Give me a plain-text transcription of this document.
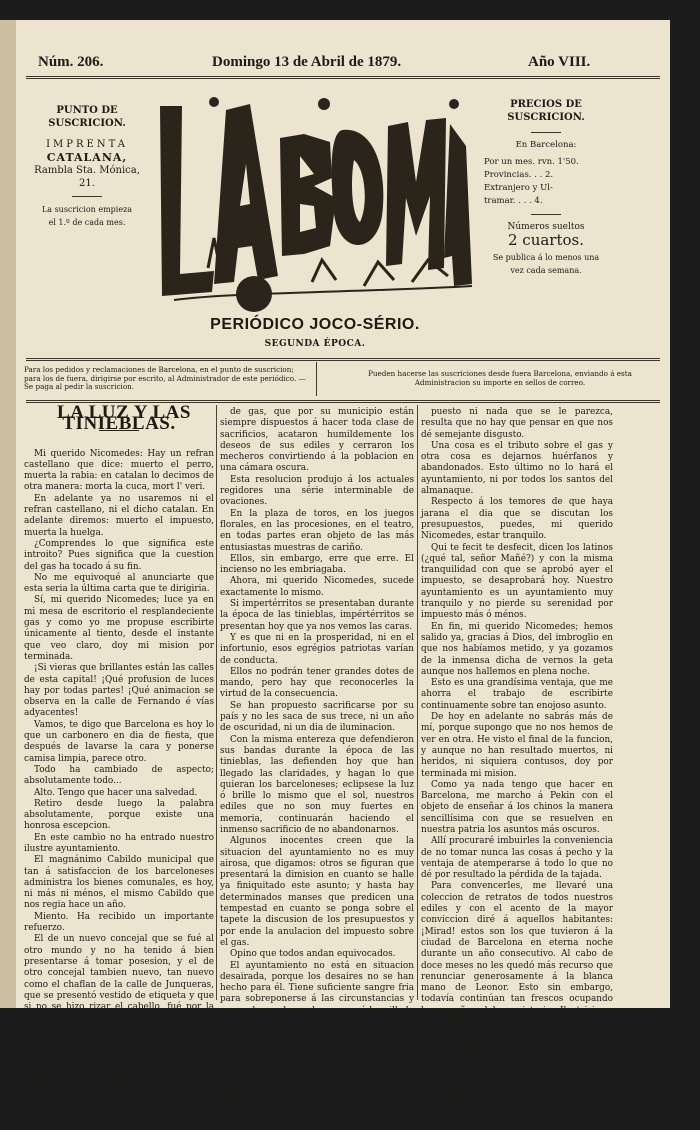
Núm. 206.	Domingo 13 de Abril de 1879.	Año VIII.
PUNTO DE SUSCRICION.
IMPRENTA
CATALANA,
Rambla Sta. Mónica, 21.
La suscricion empieza
el 1.º de cada mes.
PERIÓDICO JOCO-SÉRIO.
SEGUNDA ÉPOCA.
PRECIOS DE SUSCRICION.
En Barcelona:
Por un mes. rvn. 1'50.
Provincias. . . 2.
Extranjero y Ul-
tramar. . . . 4.
Números sueltos
2 cuartos.
Se publica á lo menos una
vez cada semana.
Para los pedidos y reclamaciones de Barcelona, en el punto de suscricion; para los de fuera, dirigirse por escrito, al Administrador de este periódico. — Se paga al pedir la suscricion.
Pueden hacerse las suscriciones desde fuera Barcelona, enviando á esta Administracion su importe en sellos de correo.

LA LUZ Y LAS TINIEBLAS.

Mi querido Nicomedes: Hay un refran castellano que dice: muerto el perro, muerta la rabia: en catalan lo decimos de otra manera: morta la cuca, mort l' veri.

En adelante ya no usaremos ni el refran castellano, ni el dicho catalan. En adelante diremos: muerto el impuesto, muerta la huelga.

¿Comprendes lo que significa este introito? Pues significa que la cuestion del gas ha tocado á su fin.

No me equivoqué al anunciarte que esta seria la última carta que te dirigiria.

Sí, mi querido Nicomedes; luce ya en mi mesa de escritorio el resplandeciente gas y como yo me propuse escribirte únicamente al tiento, desde el instante que veo claro, doy mi mision por terminada.

¡Si vieras que brillantes están las calles de esta capital! ¡Qué profusion de luces hay por todas partes! ¡Qué animacion se observa en la calle de Fernando é vías adyacentes!

Vamos, te digo que Barcelona es hoy lo que un carbonero en dia de fiesta, que después de lavarse la cara y ponerse camisa limpia, parece otro.

Todo ha cambiado de aspecto; absolutamente todo...

Alto. Tengo que hacer una salvedad.

Retiro desde luego la palabra absolutamente, porque existe una honrosa escepcion.

En este cambio no ha entrado nuestro ilustre ayuntamiento.

El magnánimo Cabildo municipal que tan á satisfaccion de los barceloneses administra los bienes comunales, es hoy, ni más ni ménos, el mismo Cabildo que nos regia hace un año.

Miento. Ha recibido un importante refuerzo.

El de un nuevo concejal que se fué al otro mundo y no ha tenido á bien presentarse á tomar posesion, y el de otro concejal tambien nuevo, tan nuevo como el chaflan de la calle de Junqueras, que se presentó vestido de etiqueta y que si no se hizo rizar el cabello, fué por la sencilla razon de que..... es calvo.

Como te iba diciendo, todo ha cambiado en Barcelona, ménos el inclito ayuntamiento.

Hace un año se le puso en la mollera hacernos pagar diariamente á la gallina ciega. Los consumidores

de gas, que por su municipio están siempre dispuestos á hacer toda clase de sacrificios, acataron humildemente los deseos de sus ediles y cerraron los mecheros convirtiendo á la poblacion en una cámara oscura.

Esta resolucion produjo á los actuales regidores una série interminable de ovaciones.

En la plaza de toros, en los juegos florales, en las procesiones, en el teatro, en todas partes eran objeto de las más entusiastas muestras de cariño.

Ellos, sin embargo, erre que erre. El incienso no les embriagaba.

Ahora, mi querido Nicomedes, sucede exactamente lo mismo.

Si impertérritos se presentaban durante la época de las tinieblas, impértérritos se presentan hoy que ya nos vemos las caras.

Y es que ni en la prosperidad, ni en el infortunio, esos egrégios patriotas varían de conducta.

Ellos no podrán tener grandes dotes de mando, pero hay que reconocerles la virtud de la consecuencia.

Se han propuesto sacrificarse por su país y no les saca de sus trece, ni un año de oscuridad, ni un dia de iluminacion.

Con la misma entereza que defendieron sus bandas durante la época de las tinieblas, las defienden hoy que han llegado las claridades, y hagan lo que quieran los barceloneses; eclipsese la luz ó brille lo mismo que el sol, nuestros ediles que no son muy fuertes en memoria, continuarán haciendo el inmenso sacrificio de no abandonarnos.

Algunos inocentes creen que la situacion del ayuntamiento no es muy airosa, que digamos: otros se figuran que presentará la dimision en cuanto se halle ya finiquitado este asunto; y hasta hay determinados manses que predicen una tempestad en cuanto se ponga sobre el tapete la discusion de los presupuestos y por ende la anulacion del impuesto sobre el gas.

Opino que todos andan equivocados.

El ayuntamiento no está en situacion desairada, porque los desaires no se han hecho para él. Tiene suficiente sangre fria para sobreponerse á las circunstancias y por nada en el mundo se creerá humillado mientras tenga la confianza de sus concuidadanos.

Lo de la dimision es un contrasentido más grande que la panza del señor Fontrodona.

Si á dimitir fuéramos, hace ya tiempo que lo hubiera hecho nuestro municipio, pero como esta no es la cuestion, como aquí no se trata de dejar el

puesto ni nada que se le parezca, resulta que no hay que pensar en que nos dé semejante disgusto.

Una cosa es el tributo sobre el gas y otra cosa es dejarnos huérfanos y abandonados. Esto último no lo hará el ayuntamiento, ni por todos los santos del almanaque.

Respecto á los temores de que haya jarana el dia que se discutan los presupuestos, puedes, mi querido Nicomedes, estar tranquilo.

Qui te fecit te desfecit, dicen los latinos (¿qué tal, señor Mañé?) y con la misma tranquilidad con que se aprobó ayer el impuesto, se desaprobará hoy. Nuestro ayuntamiento es un ayuntamiento muy tranquilo y no pierde su serenidad por impuesto más ó ménos.

En fin, mi querido Nicomedes; hemos salido ya, gracias á Dios, del imbroglio en que nos habíamos metido, y ya gozamos de la inmensa dicha de vernos la geta aunque nos hallemos en plena noche.

Esto es una grandísima ventaja, que me ahorra el trabajo de escribirte continuamente sobre tan enojoso asunto.

De hoy en adelante no sabrás más de mí, porque supongo que no nos hemos de ver en otra. He visto el final de la funcion, y aunque no han resultado muertos, ni heridos, ni siquiera contusos, doy por terminada mi mision.

Como ya nada tengo que hacer en Barcelona, me marcho á Pekin con el objeto de enseñar á los chinos la manera sencillísima con que se resuelven en nuestra patria los asuntos más oscuros.

Allí procuraré imbuirles la conveniencia de no tomar nunca las cosas á pecho y la ventaja de atemperarse á todo lo que no dé por resultado la pérdida de la tajada.

Para convencerles, me llevaré una coleccion de retratos de todos nuestros ediles y con el acento de la mayor conviccion diré á aquellos habitantes: ¡Mirad! estos son los que tuvieron á la ciudad de Barcelona en eterna noche durante un año consecutivo. Al cabo de doce meses no les quedó más recurso que renunciar generosamente á la blanca mano de Leonor. Esto sin embargo, todavía continúan tan frescos ocupando los escaños del consistorio. Ilustrisimos pekinenses, (¿eh?) yo os conjuro, si quereis llegar á la cúspide de la dignidad bien entendida, que imiteis á los ediles barceloneses.

Me parece que con este discurso, los hijos de Pekin quedarán muy convencidos y su boca no se cerrará por los siglos de los siglos.

Adios, mi querido Nicomedes; pídele á la Provi-
